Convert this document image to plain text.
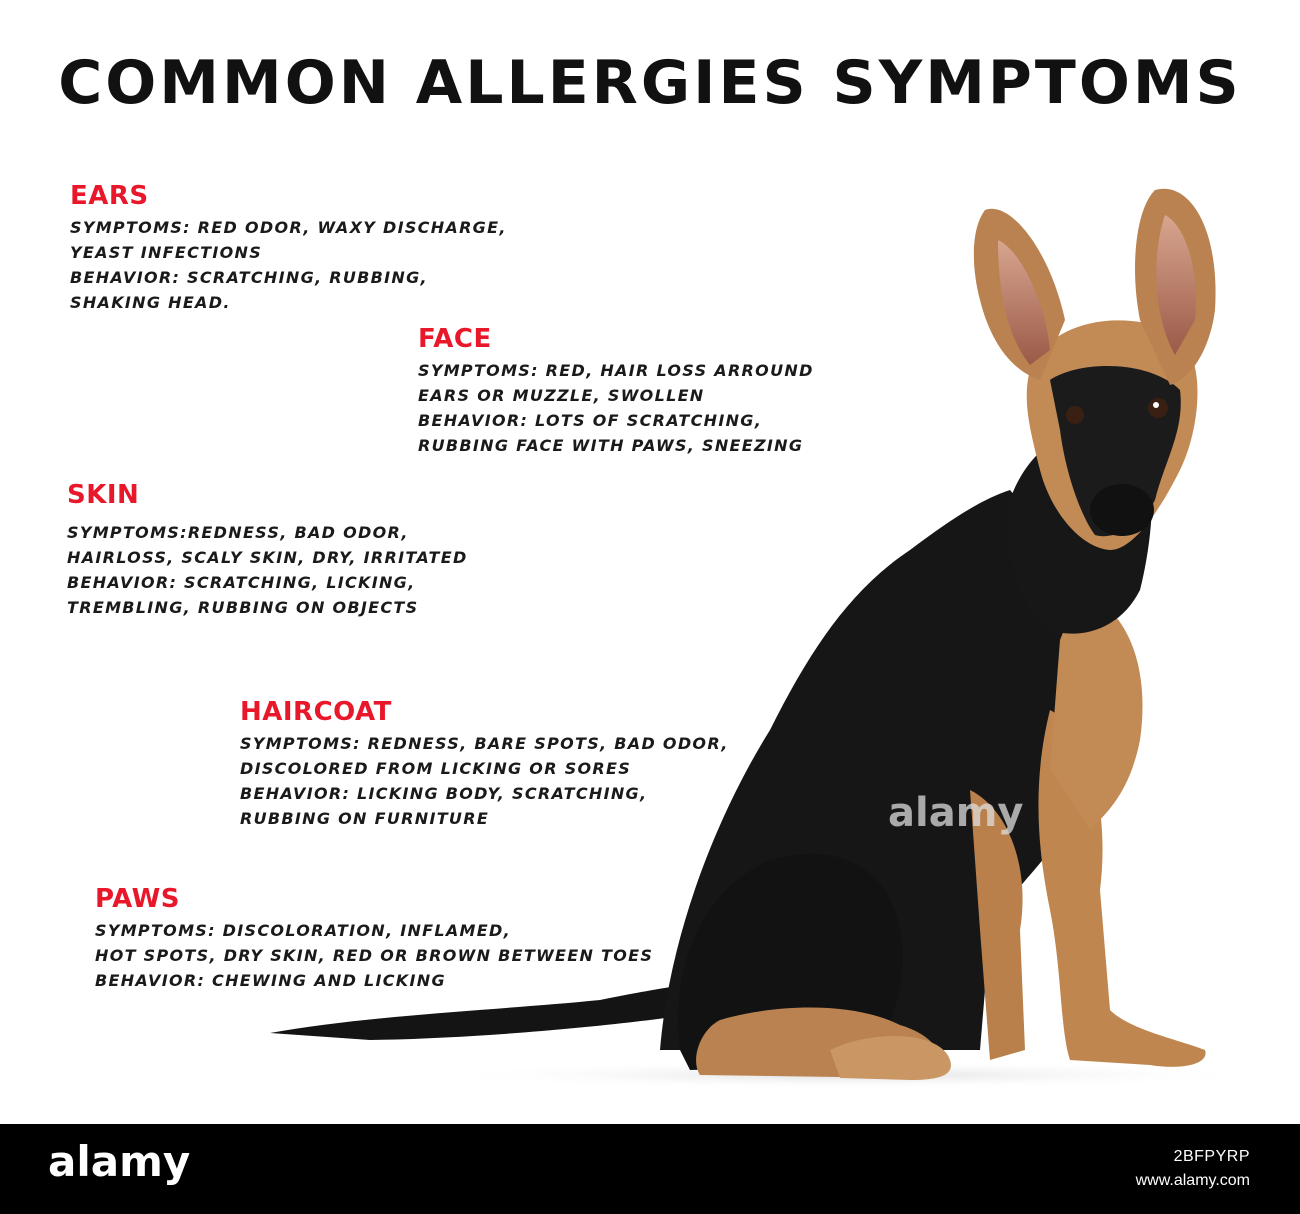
COMMON ALLERGIES SYMPTOMS
alamy
EARS
SYMPTOMS: RED ODOR, WAXY DISCHARGE,
YEAST INFECTIONS
BEHAVIOR: SCRATCHING, RUBBING,
SHAKING HEAD.
FACE
SYMPTOMS: RED, HAIR LOSS ARROUND
EARS OR MUZZLE, SWOLLEN
BEHAVIOR: LOTS OF SCRATCHING,
RUBBING FACE WITH PAWS, SNEEZING
SKIN
SYMPTOMS:REDNESS, BAD ODOR,
HAIRLOSS, SCALY SKIN, DRY, IRRITATED
BEHAVIOR: SCRATCHING, LICKING,
TREMBLING, RUBBING ON OBJECTS
HAIRCOAT
SYMPTOMS: REDNESS, BARE SPOTS, BAD ODOR,
DISCOLORED FROM LICKING OR SORES
BEHAVIOR: LICKING BODY, SCRATCHING,
RUBBING ON FURNITURE
PAWS
SYMPTOMS: DISCOLORATION, INFLAMED,
HOT SPOTS, DRY SKIN, RED OR BROWN BETWEEN TOES
BEHAVIOR: CHEWING AND LICKING
alamy	2BFPYRP
www.alamy.com
